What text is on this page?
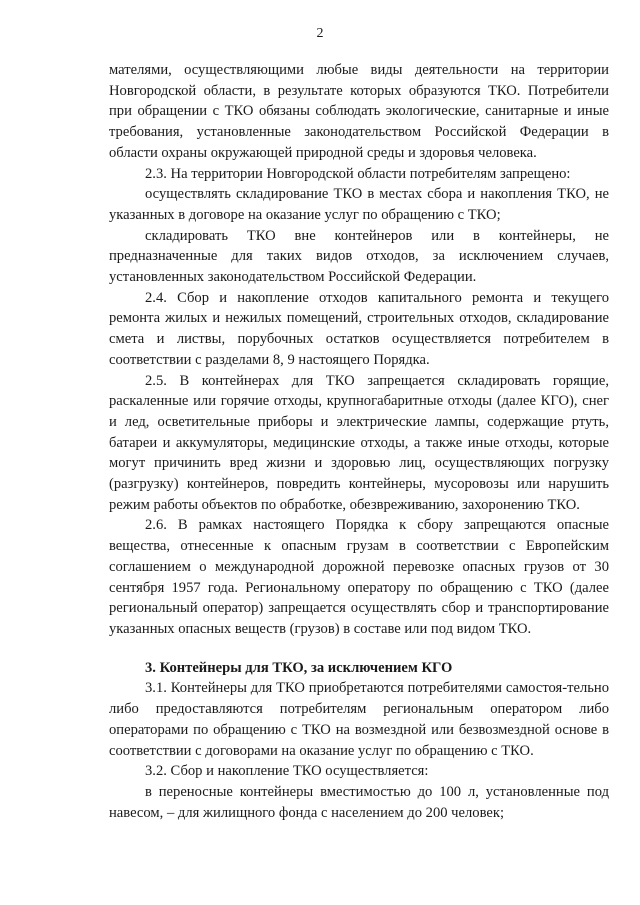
2

мателями, осуществляющими любые виды деятельности на территории Новгородской области, в результате которых образуются ТКО. Потребители при обращении с ТКО обязаны соблюдать экологические, санитарные и иные требования, установленные законодательством Российской Федерации в области охраны окружающей природной среды и здоровья человека.

2.3. На территории Новгородской области потребителям запрещено:

осуществлять складирование ТКО в местах сбора и накопления ТКО, не указанных в договоре на оказание услуг по обращению с ТКО;

складировать ТКО вне контейнеров или в контейнеры, не предназначенные для таких видов отходов, за исключением случаев, установленных законодательством Российской Федерации.

2.4. Сбор и накопление отходов капитального ремонта и текущего ремонта жилых и нежилых помещений, строительных отходов, складирование смета и листвы, порубочных остатков осуществляется потребителем в соответствии с разделами 8, 9 настоящего Порядка.

2.5. В контейнерах для ТКО запрещается складировать горящие, раскаленные или горячие отходы, крупногабаритные отходы (далее КГО), снег и лед, осветительные приборы и электрические лампы, содержащие ртуть, батареи и аккумуляторы, медицинские отходы, а также иные отходы, которые могут причинить вред жизни и здоровью лиц, осуществляющих погрузку (разгрузку) контейнеров, повредить контейнеры, мусоровозы или нарушить режим работы объектов по обработке, обезвреживанию, захоронению ТКО.

2.6. В рамках настоящего Порядка к сбору запрещаются опасные вещества, отнесенные к опасным грузам в соответствии с Европейским соглашением о международной дорожной перевозке опасных грузов от 30 сентября 1957 года. Региональному оператору по обращению с ТКО (далее региональный оператор) запрещается осуществлять сбор и транспортирование указанных опасных веществ (грузов) в составе или под видом ТКО.

3. Контейнеры для ТКО, за исключением КГО

3.1. Контейнеры для ТКО приобретаются потребителями самостоя-тельно либо предоставляются потребителям региональным оператором либо операторами по обращению с ТКО на возмездной или безвозмездной основе в соответствии с договорами на оказание услуг по обращению с ТКО.

3.2. Сбор и накопление ТКО осуществляется:

в переносные контейнеры вместимостью до 100 л, установленные под навесом, – для жилищного фонда с населением до 200 человек;
